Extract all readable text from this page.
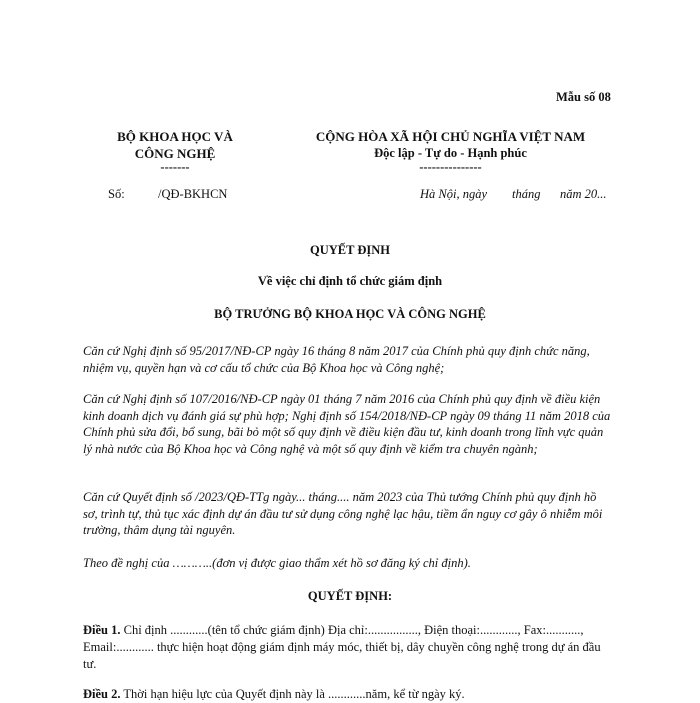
Mẫu số 08
BỘ KHOA HỌC VÀ
CÔNG NGHỆ
-------
CỘNG HÒA XÃ HỘI CHỦ NGHĨA VIỆT NAM
Độc lập - Tự do - Hạnh phúc
---------------
Số:	/QĐ-BKHCN	Hà Nội, ngày tháng năm 20...
QUYẾT ĐỊNH
Về việc chỉ định tổ chức giám định
BỘ TRƯỞNG BỘ KHOA HỌC VÀ CÔNG NGHỆ
Căn cứ Nghị định số 95/2017/NĐ-CP ngày 16 tháng 8 năm 2017 của Chính phủ quy định chức năng, nhiệm vụ, quyền hạn và cơ cấu tổ chức của Bộ Khoa học và Công nghệ;
Căn cứ Nghị định số 107/2016/NĐ-CP ngày 01 tháng 7 năm 2016 của Chính phủ quy định về điều kiện kinh doanh dịch vụ đánh giá sự phù hợp; Nghị định số 154/2018/NĐ-CP ngày 09 tháng 11 năm 2018 của Chính phủ sửa đổi, bổ sung, bãi bỏ một số quy định về điều kiện đầu tư, kinh doanh trong lĩnh vực quản lý nhà nước của Bộ Khoa học và Công nghệ và một số quy định về kiểm tra chuyên ngành;
Căn cứ Quyết định số /2023/QĐ-TTg ngày... tháng.... năm 2023 của Thủ tướng Chính phủ quy định hồ sơ, trình tự, thủ tục xác định dự án đầu tư sử dụng công nghệ lạc hậu, tiềm ẩn nguy cơ gây ô nhiễm môi trường, thâm dụng tài nguyên.
Theo đề nghị của ………..(đơn vị được giao thẩm xét hồ sơ đăng ký chỉ định).
QUYẾT ĐỊNH:
Điều 1. Chỉ định ............(tên tổ chức giám định) Địa chỉ:................, Điện thoại:............, Fax:..........., Email:............ thực hiện hoạt động giám định máy móc, thiết bị, dây chuyền công nghệ trong dự án đầu tư.
Điều 2. Thời hạn hiệu lực của Quyết định này là ............năm, kể từ ngày ký.
